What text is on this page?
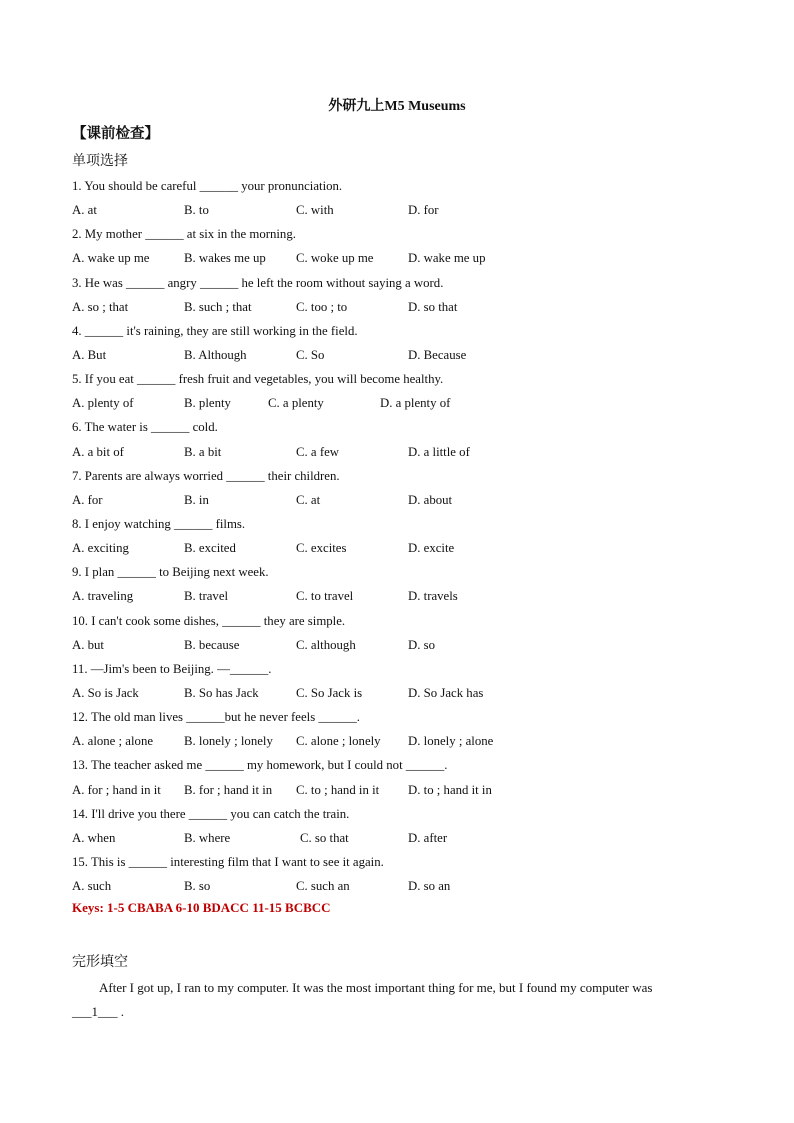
外研九上M5 Museums
【课前检查】
单项选择
1. You should be careful ______ your pronunciation.
A. at	B. to	C. with	D. for
2. My mother ______ at six in the morning.
A. wake up me	B. wakes me up C. woke up me	D. wake me up
3. He was ______ angry ______ he left the room without saying a word.
A. so ; that	B. such ; that	C. too ; to	D. so that
4. ______ it's raining, they are still working in the field.
A. But	B. Although	C. So	D. Because
5. If you eat ______ fresh fruit and vegetables, you will become healthy.
A. plenty of	B. plenty	C. a plenty	D. a plenty of
6. The water is ______ cold.
A. a bit of	B. a bit	C. a few	D. a little of
7. Parents are always worried ______ their children.
A. for	B. in	C. at	D. about
8. I enjoy watching ______ films.
A. exciting	B. excited	C. excites	D. excite
9. I plan ______ to Beijing next week.
A. traveling	B. travel	C. to travel	D. travels
10. I can't cook some dishes, ______ they are simple.
A. but	B. because	C. although	D. so
11. —Jim's been to Beijing. —______.
A. So is Jack	B. So has Jack	C. So Jack is	D. So Jack has
12. The old man lives ______but he never feels ______.
A. alone ; alone B. lonely ; lonely C. alone ; lonely D. lonely ; alone
13. The teacher asked me ______ my homework, but I could not ______.
A. for ; hand in it B. for ; hand it in C. to ; hand in it D. to ; hand it in
14. I'll drive you there ______ you can catch the train.
A. when	B. where	C. so that	D. after
15. This is ______ interesting film that I want to see it again.
A. such	B. so	C. such an	D. so an
Keys: 1-5 CBABA 6-10 BDACC 11-15 BCBCC
完形填空
After I got up, I ran to my computer. It was the most important thing for me, but I found my computer was
___1___ .
